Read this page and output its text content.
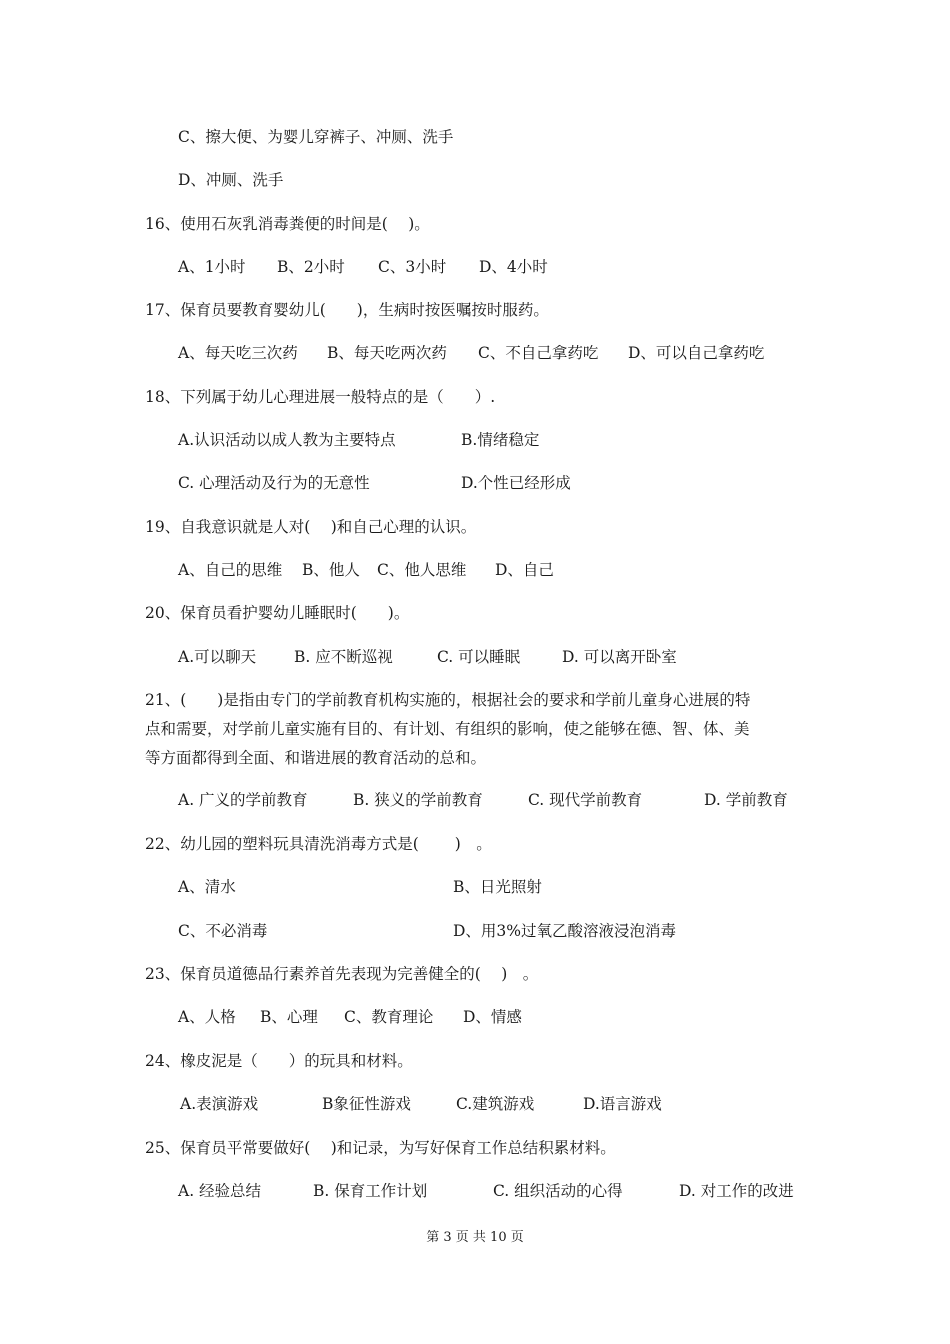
C、擦大便、为婴儿穿裤子、冲厕、洗手
D、冲厕、洗手
16、使用石灰乳消毒粪便的时间是(　 )。
A、1小时 B、2小时 C、3小时 D、4小时
17、保育员要教育婴幼儿(　　)，生病时按医嘱按时服药。
A、每天吃三次药 B、每天吃两次药 C、不自己拿药吃 D、可以自己拿药吃
18、下列属于幼儿心理进展一般特点的是（　　）.
A.认识活动以成人教为主要特点	B.情绪稳定
C. 心理活动及行为的无意性	D.个性已经形成
19、自我意识就是人对(　 )和自己心理的认识。
A、自己的思维 B、他人 C、他人思维 D、自己
20、保育员看护婴幼儿睡眠时(　　)。
A.可以聊天 B. 应不断巡视	C. 可以睡眠	D. 可以离开卧室
21、(　　)是指由专门的学前教育机构实施的，根据社会的要求和学前儿童身心进展的特
点和需要，对学前儿童实施有目的、有计划、有组织的影响，使之能够在德、智、体、美
等方面都得到全面、和谐进展的教育活动的总和。
A. 广义的学前教育	B. 狭义的学前教育	C. 现代学前教育	D. 学前教育
22、幼儿园的塑料玩具清洗消毒方式是(　　 )　。
A、清水	B、日光照射
C、不必消毒	D、用3%过氧乙酸溶液浸泡消毒
23、保育员道德品行素养首先表现为完善健全的(　 )　。
A、人格 B、心理 C、教育理论 D、情感
24、橡皮泥是（　　）的玩具和材料。
A.表演游戏	B象征性游戏	C.建筑游戏	D.语言游戏
25、保育员平常要做好(　 )和记录，为写好保育工作总结积累材料。
A. 经验总结	B. 保育工作计划	C. 组织活动的心得	D. 对工作的改进
第 3 页 共 10 页
